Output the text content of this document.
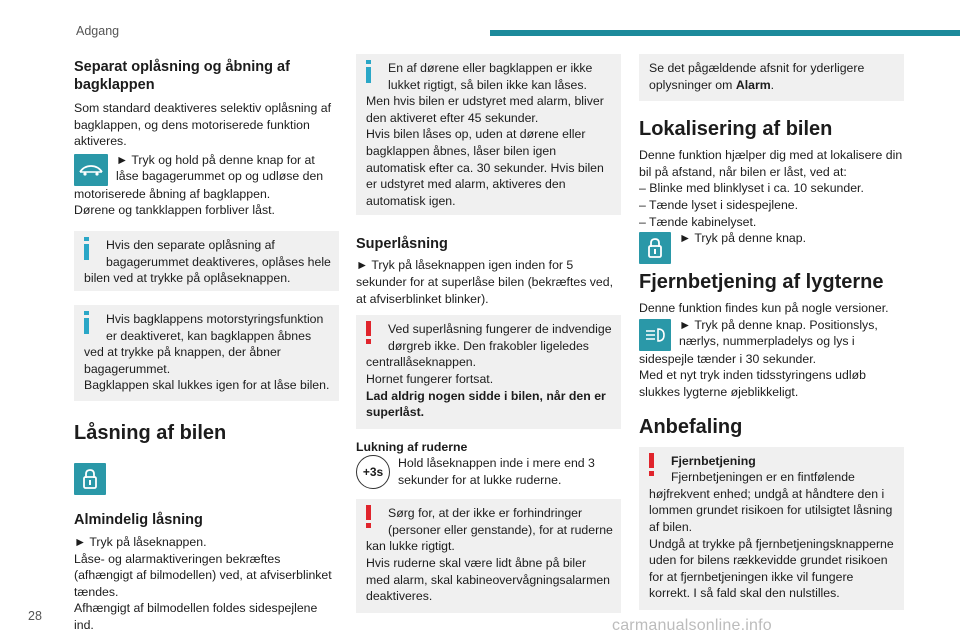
Adgang
28
carmanualsonline.info
Separat oplåsning og åbning af bagklappen

Som standard deaktiveres selektiv oplåsning af bagklappen, og dens motoriserede funktion aktiveres.

► Tryk og hold på denne knap for at låse bagagerummet op og udløse den

motoriserede åbning af bagklappen.

Dørene og tankklappen forbliver låst.

Hvis den separate oplåsning af bagagerummet deaktiveres, oplåses hele
bilen ved at trykke på oplåseknappen.
Hvis bagklappens motorstyringsfunktion er deaktiveret, kan bagklappen åbnes
ved at trykke på knappen, der åbner bagagerummet.
Bagklappen skal lukkes igen for at låse bilen.
Låsning af bilen
Almindelig låsning

► Tryk på låseknappen.

Låse- og alarmaktiveringen bekræftes (afhængigt af bilmodellen) ved, at afviserblinket tændes.

Afhængigt af bilmodellen foldes sidespejlene ind.

En af dørene eller bagklappen er ikke lukket rigtigt, så bilen ikke kan låses.
Men hvis bilen er udstyret med alarm, bliver den aktiveret efter 45 sekunder.
Hvis bilen låses op, uden at dørene eller bagklappen åbnes, låser bilen igen automatisk efter ca. 30 sekunder. Hvis bilen er udstyret med alarm, aktiveres den automatisk igen.
Superlåsning

► Tryk på låseknappen igen inden for 5 sekunder for at superlåse bilen (bekræftes ved, at afviserblinket blinker).

Ved superlåsning fungerer de indvendige dørgreb ikke. Den frakobler ligeledes
centrallåseknappen.
Hornet fungerer fortsat.
Lad aldrig nogen sidde i bilen, når den er superlåst.

Lukning af ruderne

+3s

Hold låseknappen inde i mere end 3 sekunder for at lukke ruderne.

Sørg for, at der ikke er forhindringer (personer eller genstande), for at ruderne
kan lukke rigtigt.
Hvis ruderne skal være lidt åbne på biler med alarm, skal kabineovervågningsalarmen deaktiveres.
Se det pågældende afsnit for yderligere oplysninger om Alarm.
Lokalisering af bilen

Denne funktion hjælper dig med at lokalisere din bil på afstand, når bilen er låst, ved at:

– Blinke med blinklyset i ca. 10 sekunder.

– Tænde lyset i sidespejlene.

– Tænde kabinelyset.

► Tryk på denne knap.

Fjernbetjening af lygterne

Denne funktion findes kun på nogle versioner.

► Tryk på denne knap. Positionslys, nærlys, nummerpladelys og lys i

sidespejle tænder i 30 sekunder.

Med et nyt tryk inden tidsstyringens udløb slukkes lygterne øjeblikkeligt.

Anbefaling
Fjernbetjening
Fjernbetjeningen er en fintfølende
højfrekvent enhed; undgå at håndtere den i lommen grundet risikoen for utilsigtet låsning af bilen.
Undgå at trykke på fjernbetjeningsknapperne uden for bilens rækkevidde grundet risikoen for at fjernbetjeningen ikke vil fungere korrekt. I så fald skal den nulstilles.
